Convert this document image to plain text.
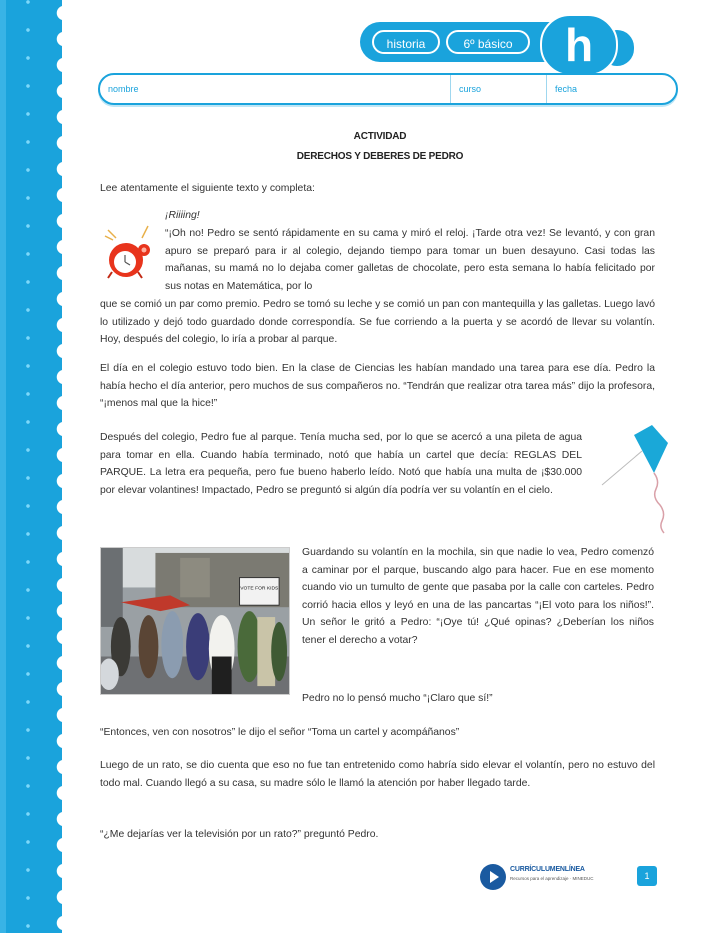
historia	6º básico	h
nombre	curso	fecha
ACTIVIDAD
DERECHOS Y DEBERES DE PEDRO

Lee atentamente el siguiente texto y completa:

¡Riiiing!

“¡Oh no! Pedro se sentó rápidamente en su cama y miró el reloj. ¡Tarde otra vez! Se levantó, y con gran apuro se preparó para ir al colegio, dejando tiempo para tomar un buen desayuno. Casi todas las mañanas, su mamá no lo dejaba comer galletas de chocolate, pero esta semana lo había felicitado por sus notas en Matemática, por lo

que se comió un par como premio. Pedro se tomó su leche y se comió un pan con mantequilla y las galletas. Luego lavó lo utilizado y dejó todo guardado donde correspondía. Se fue corriendo a la puerta y se acordó de llevar su volantín. Hoy, después del colegio, lo iría a probar al parque.

El día en el colegio estuvo todo bien. En la clase de Ciencias les habían mandado una tarea para ese día. Pedro la había hecho el día anterior, pero muchos de sus compañeros no. “Tendrán que realizar otra tarea más” dijo la profesora, “¡menos mal que la hice!”

Después del colegio, Pedro fue al parque. Tenía mucha sed, por lo que se acercó a una pileta de agua para tomar en ella. Cuando había terminado, notó que había un cartel que decía: REGLAS DEL PARQUE. La letra era pequeña, pero fue bueno haberlo leído. Notó que había una multa de ¡$30.000 por elevar volantines! Impactado, Pedro se preguntó si algún día podría ver su volantín en el cielo.

VOTE FOR KIDS

Guardando su volantín en la mochila, sin que nadie lo vea, Pedro comenzó a caminar por el parque, buscando algo para hacer. Fue en ese momento cuando vio un tumulto de gente que pasaba por la calle con carteles. Pedro corrió hacia ellos y leyó en una de las pancartas “¡El voto para los niños!”. Un señor le gritó a Pedro: “¡Oye tú! ¿Qué opinas? ¿Deberían los niños tener el derecho a votar?

Pedro no lo pensó mucho “¡Claro que sí!”

“Entonces, ven con nosotros” le dijo el señor “Toma un cartel y acompáñanos”

Luego de un rato, se dio cuenta que eso no fue tan entretenido como habría sido elevar el volantín, pero no estuvo del todo mal. Cuando llegó a su casa, su madre sólo le llamó la atención por haber llegado tarde.

“¿Me dejarías ver la televisión por un rato?” preguntó Pedro.

CURRÍCULUMENLÍNEA
Recursos para el aprendizaje · MINEDUC	1
